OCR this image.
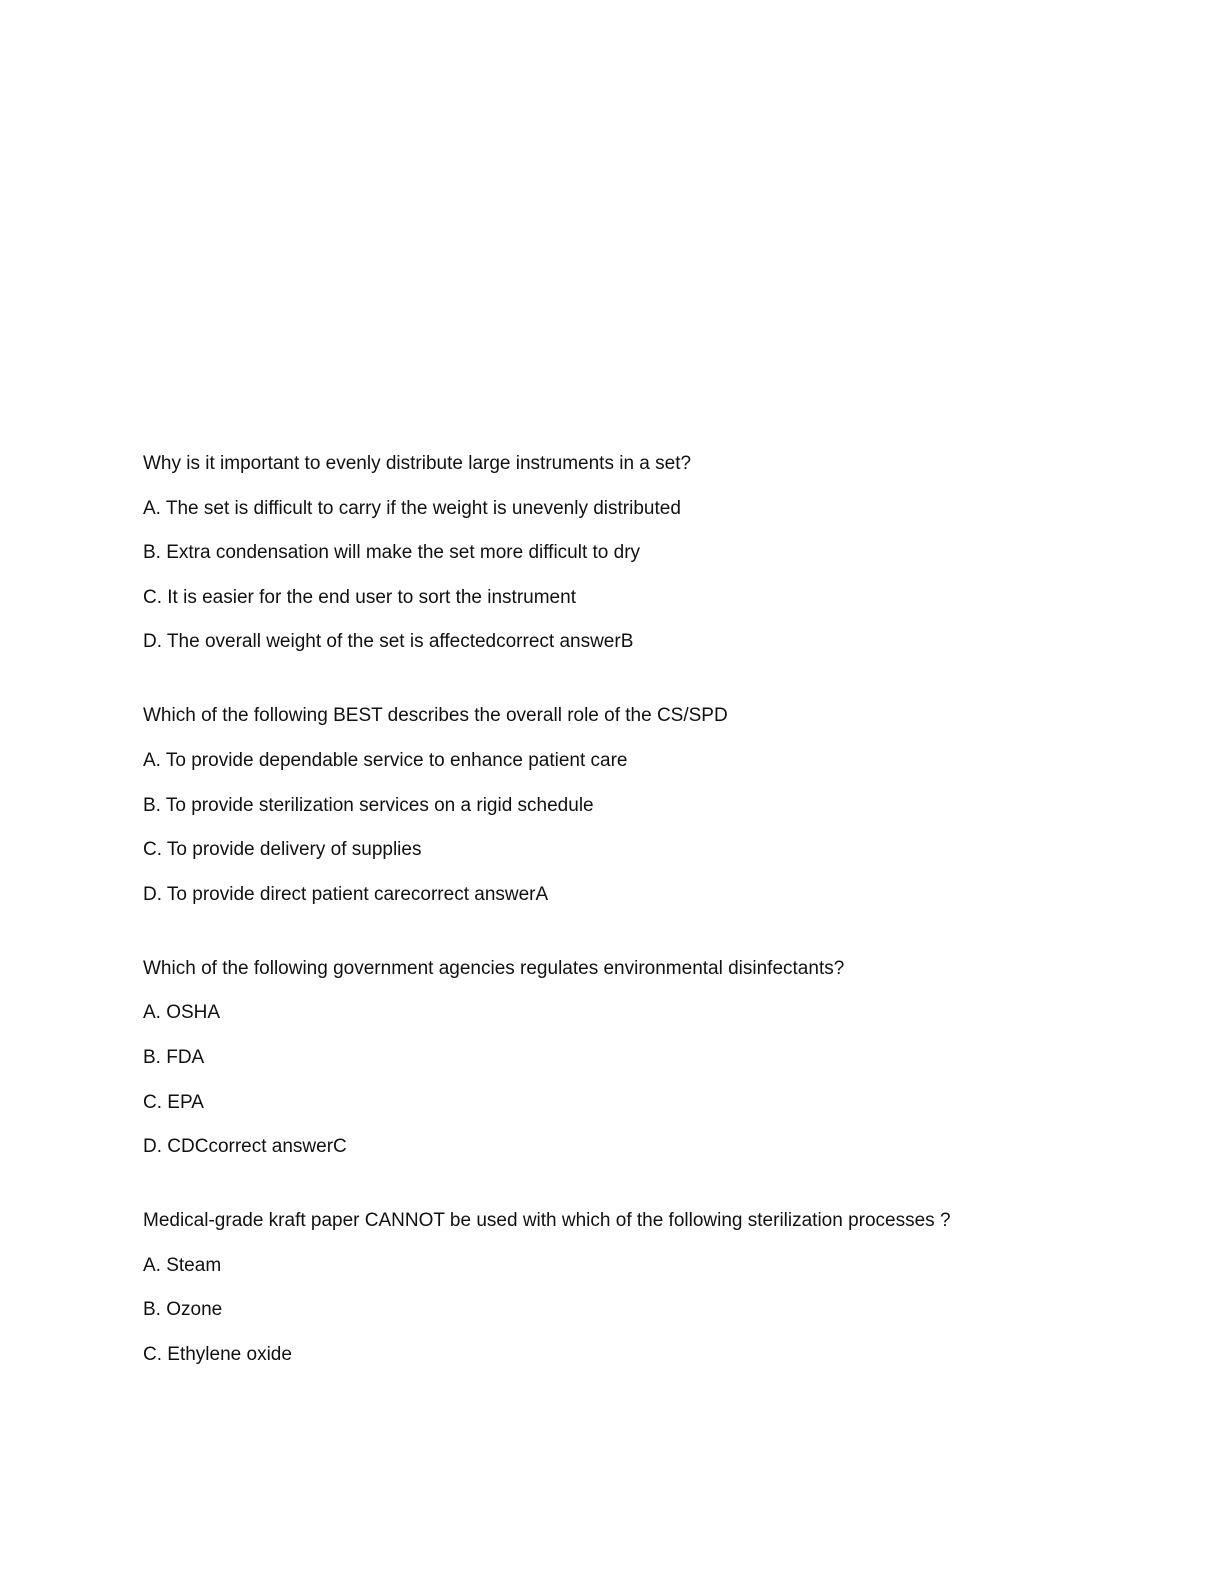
Why is it important to evenly distribute large instruments in a set?
A. The set is difficult to carry if the weight is unevenly distributed
B. Extra condensation will make the set more difficult to dry
C. It is easier for the end user to sort the instrument
D. The overall weight of the set is affectedcorrect answerB
Which of the following BEST describes the overall role of the CS/SPD
A. To provide dependable service to enhance patient care
B. To provide sterilization services on a rigid schedule
C. To provide delivery of supplies
D. To provide direct patient carecorrect answerA
Which of the following government agencies regulates environmental disinfectants?
A. OSHA
B. FDA
C. EPA
D. CDCcorrect answerC
Medical-grade kraft paper CANNOT be used with which of the following sterilization processes ?
A. Steam
B. Ozone
C. Ethylene oxide
